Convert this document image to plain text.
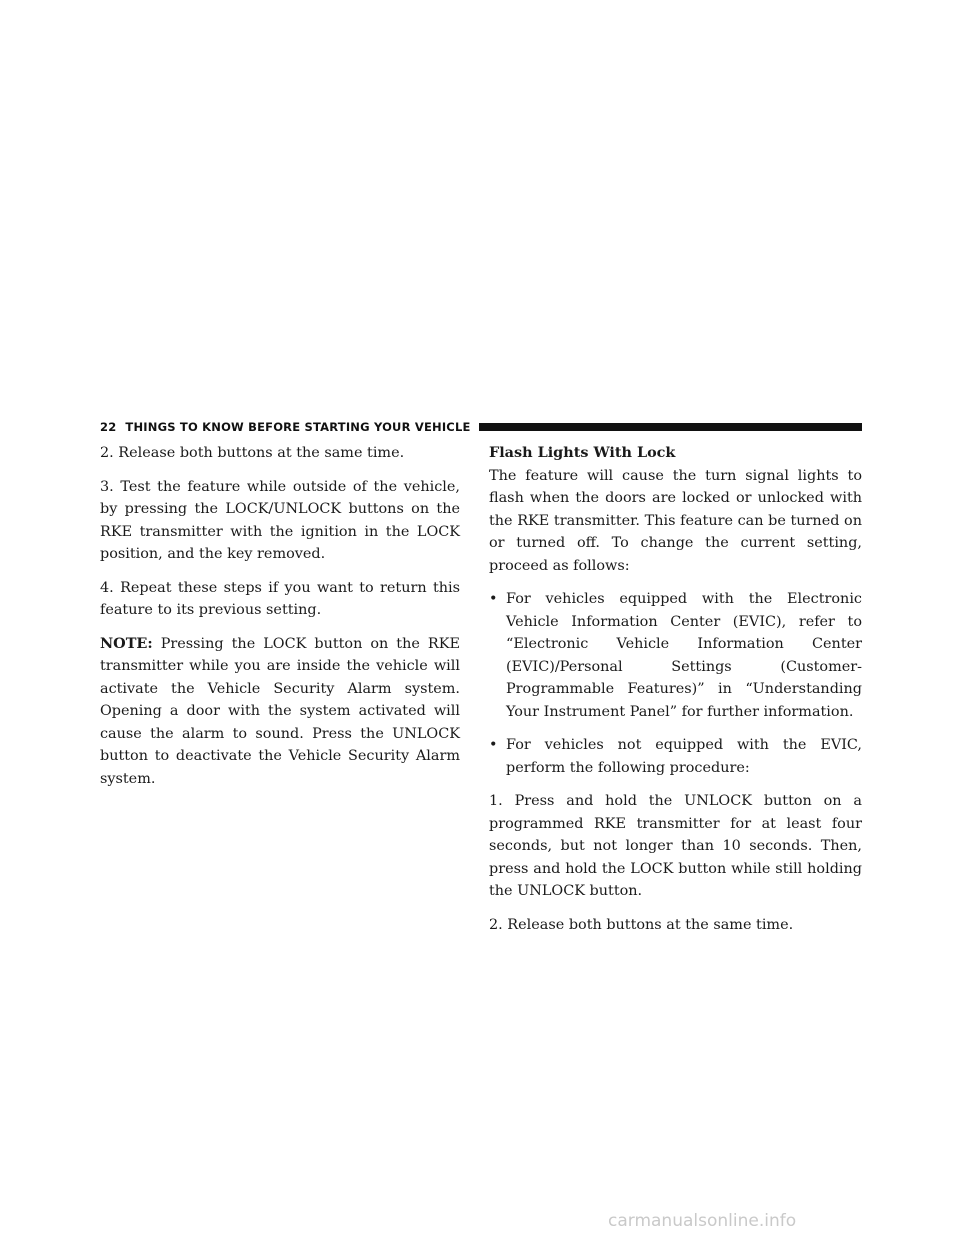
22 THINGS TO KNOW BEFORE STARTING YOUR VEHICLE

2. Release both buttons at the same time.

3. Test the feature while outside of the vehicle, by pressing the LOCK/UNLOCK buttons on the RKE transmitter with the ignition in the LOCK position, and the key removed.

4. Repeat these steps if you want to return this feature to its previous setting.

NOTE: Pressing the LOCK button on the RKE transmitter while you are inside the vehicle will activate the Vehicle Security Alarm system. Opening a door with the system activated will cause the alarm to sound. Press the UNLOCK button to deactivate the Vehicle Security Alarm system.

Flash Lights With Lock

The feature will cause the turn signal lights to flash when the doors are locked or unlocked with the RKE transmitter. This feature can be turned on or turned off. To change the current setting, proceed as follows:

• For vehicles equipped with the Electronic Vehicle Information Center (EVIC), refer to “Electronic Vehicle Information Center (EVIC)/Personal Settings (Customer-Programmable Features)” in “Understanding Your Instrument Panel” for further information.

• For vehicles not equipped with the EVIC, perform the following procedure:

1. Press and hold the UNLOCK button on a programmed RKE transmitter for at least four seconds, but not longer than 10 seconds. Then, press and hold the LOCK button while still holding the UNLOCK button.

2. Release both buttons at the same time.

carmanualsonline.info
